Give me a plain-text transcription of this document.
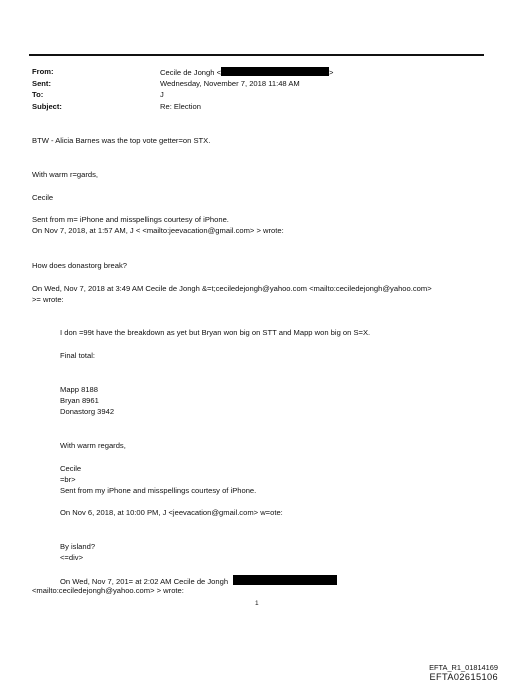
From:	Cecile de Jongh <	>
Sent:	Wednesday, November 7, 2018 11:48 AM
To:	J
Subject:	Re: Election
BTW - Alicia Barnes was the top vote getter=on STX.
With warm r=gards,
Cecile
Sent from m= iPhone and misspellings courtesy of iPhone.
On Nov 7, 2018, at 1:57 AM, J < <mailto:jeevacation@gmail.com> > wrote:
How does donastorg break?
On Wed, Nov 7, 2018 at 3:49 AM Cecile de Jongh &=t;ceciledejongh@yahoo.com <mailto:ceciledejongh@yahoo.com>
>= wrote:
I don =99t have the breakdown as yet but Bryan won big on STT and Mapp won big on S=X.
Final total:
Mapp 8188
Bryan 8961
Donastorg 3942
With warm regards,
Cecile
=br>
Sent from my iPhone and misspellings courtesy of iPhone.
On Nov 6, 2018, at 10:00 PM, J <jeevacation@gmail.com> w=ote:
By island?
<=div>
On Wed, Nov 7, 201= at 2:02 AM Cecile de Jongh
<mailto:ceciledejongh@yahoo.com> > wrote:
1
EFTA_R1_01814169
EFTA02615106
